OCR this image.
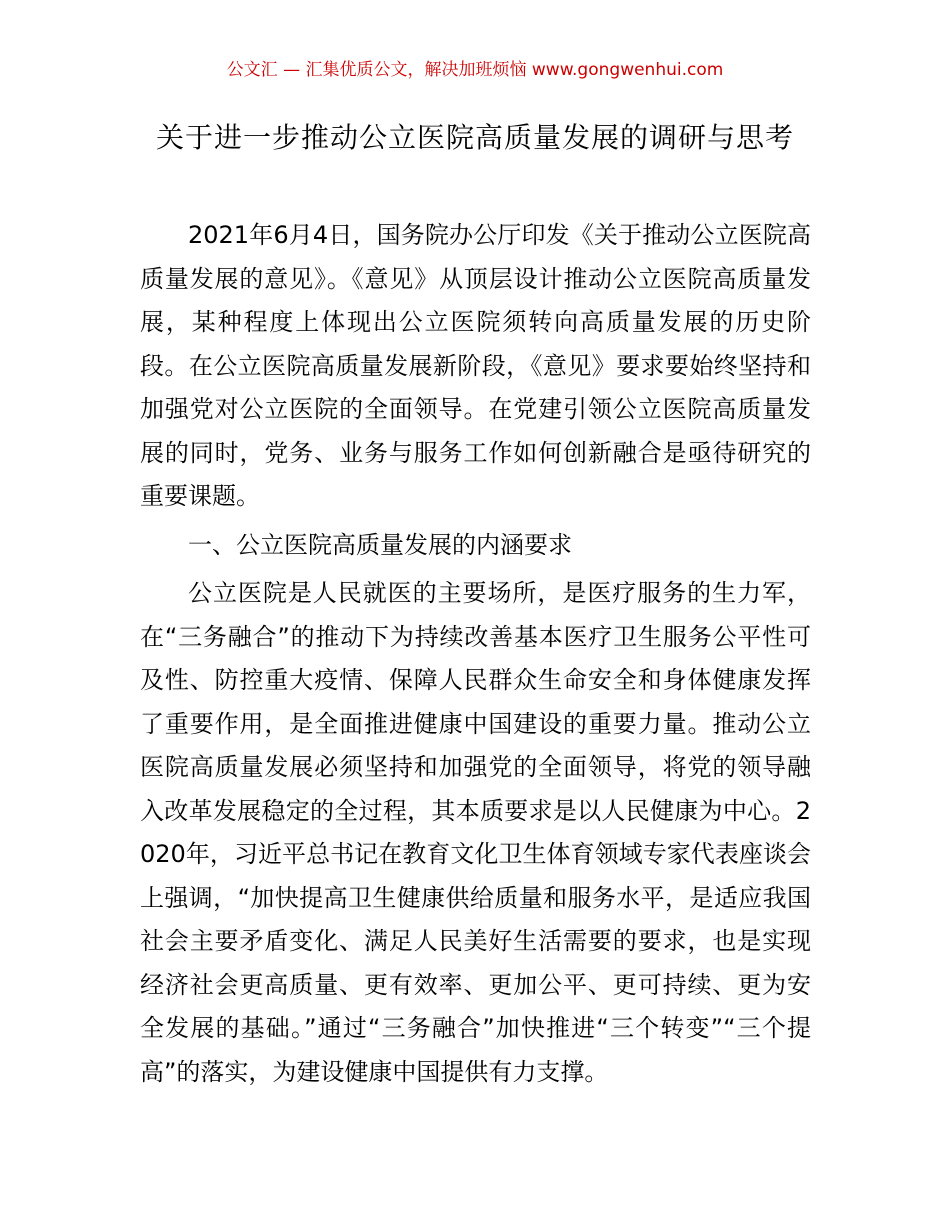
公文汇 — 汇集优质公文，解决加班烦恼 www.gongwenhui.com
关于进一步推动公立医院高质量发展的调研与思考

2021年6月4日，国务院办公厅印发《关于推动公立医院高质量发展的意见》。《意见》从顶层设计推动公立医院高质量发展，某种程度上体现出公立医院须转向高质量发展的历史阶段。在公立医院高质量发展新阶段，《意见》要求要始终坚持和加强党对公立医院的全面领导。在党建引领公立医院高质量发展的同时，党务、业务与服务工作如何创新融合是亟待研究的重要课题。

一、公立医院高质量发展的内涵要求

公立医院是人民就医的主要场所，是医疗服务的生力军，在“三务融合”的推动下为持续改善基本医疗卫生服务公平性可及性、防控重大疫情、保障人民群众生命安全和身体健康发挥了重要作用，是全面推进健康中国建设的重要力量。推动公立医院高质量发展必须坚持和加强党的全面领导，将党的领导融入改革发展稳定的全过程，其本质要求是以人民健康为中心。2020年，习近平总书记在教育文化卫生体育领域专家代表座谈会上强调，“加快提高卫生健康供给质量和服务水平，是适应我国社会主要矛盾变化、满足人民美好生活需要的要求，也是实现经济社会更高质量、更有效率、更加公平、更可持续、更为安全发展的基础。”通过“三务融合”加快推进“三个转变”“三个提高”的落实，为建设健康中国提供有力支撑。
